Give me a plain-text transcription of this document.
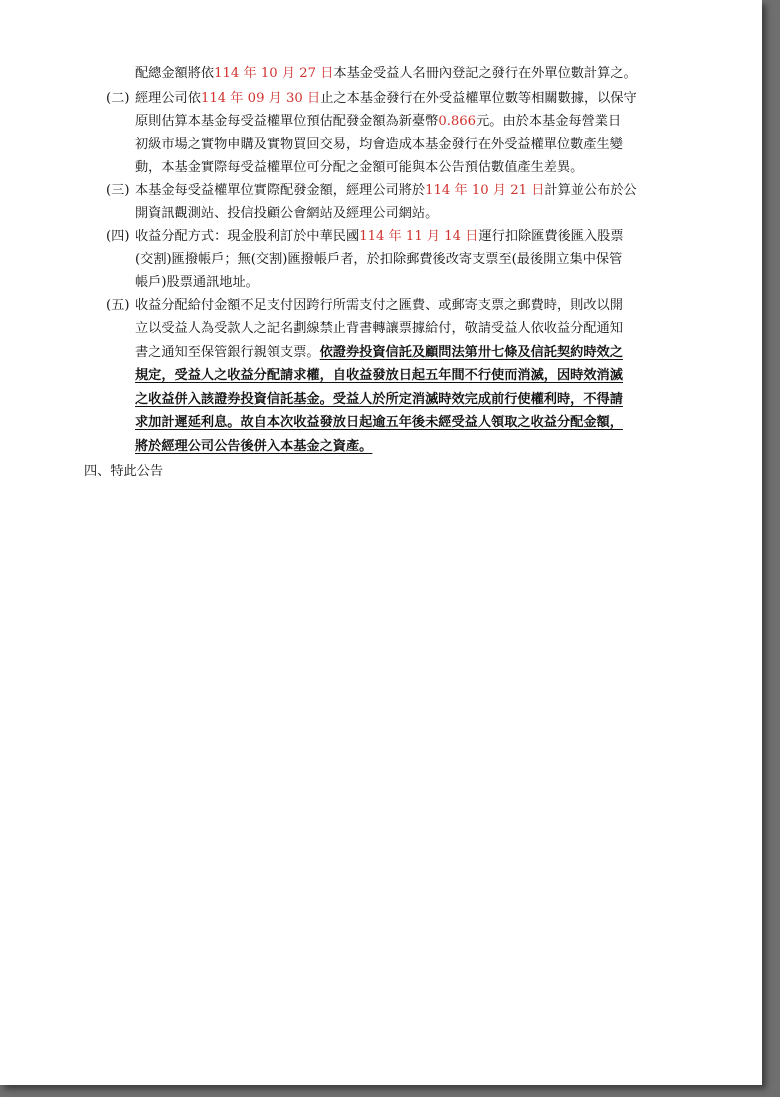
配總金額將依114 年 10 月 27 日本基金受益人名冊內登記之發行在外單位數計算之。
(二) 經理公司依114 年 09 月 30 日止之本基金發行在外受益權單位數等相關數據，以保守
原則估算本基金每受益權單位預估配發金額為新臺幣0.866元。由於本基金每營業日
初級市場之實物申購及實物買回交易，均會造成本基金發行在外受益權單位數產生變
動，本基金實際每受益權單位可分配之金額可能與本公告預估數值產生差異。
(三) 本基金每受益權單位實際配發金額，經理公司將於114 年 10 月 21 日計算並公布於公
開資訊觀測站、投信投顧公會網站及經理公司網站。
(四) 收益分配方式：現金股利訂於中華民國114 年 11 月 14 日運行扣除匯費後匯入股票
(交割)匯撥帳戶；無(交割)匯撥帳戶者，於扣除郵費後改寄支票至(最後開立集中保管
帳戶)股票通訊地址。
(五) 收益分配給付金額不足支付因跨行所需支付之匯費、或郵寄支票之郵費時，則改以開
立以受益人為受款人之記名劃線禁止背書轉讓票據給付，敬請受益人依收益分配通知
書之通知至保管銀行親領支票。依證券投資信託及顧問法第卅七條及信託契約時效之
規定，受益人之收益分配請求權，自收益發放日起五年間不行使而消滅，因時效消滅
之收益併入該證券投資信託基金。受益人於所定消滅時效完成前行使權利時，不得請
求加計遲延利息。故自本次收益發放日起逾五年後未經受益人領取之收益分配金額，
將於經理公司公告後併入本基金之資產。
四、特此公告
